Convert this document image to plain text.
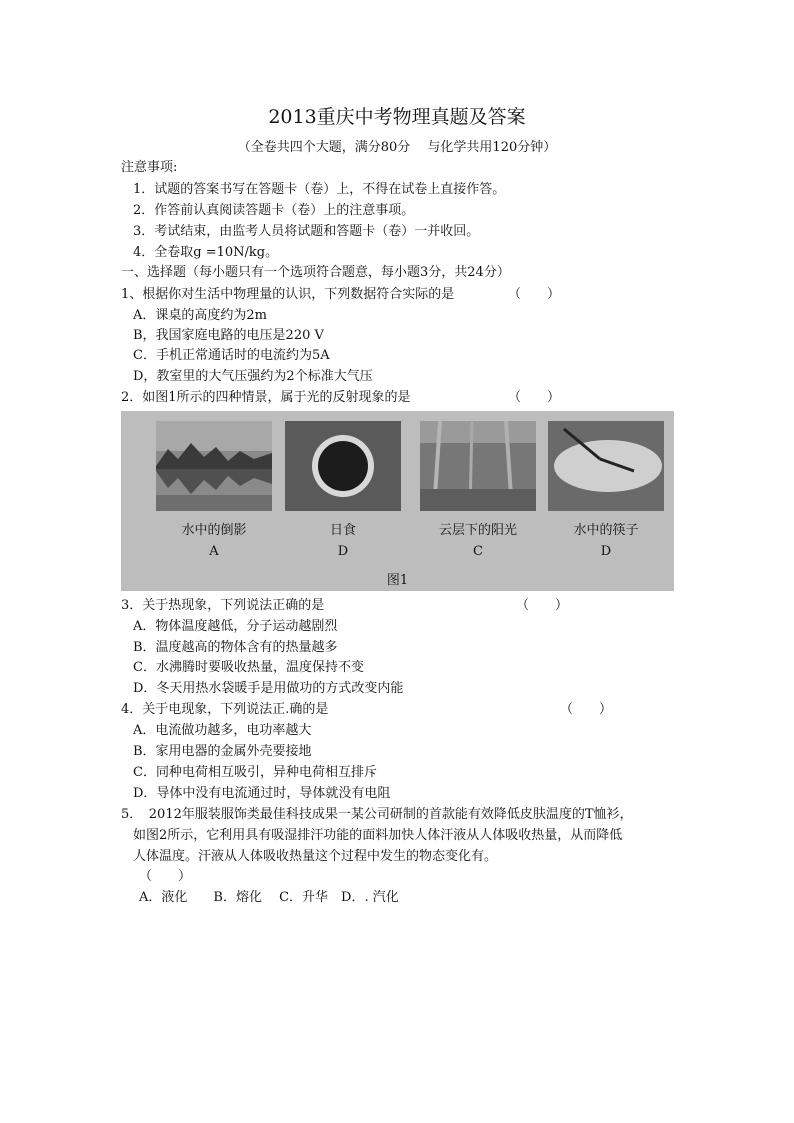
2013重庆中考物理真题及答案
（全卷共四个大题，满分80分　 与化学共用120分钟）
注意事项:
1．试题的答案书写在答题卡（卷）上，不得在试卷上直接作答。
2．作答前认真阅读答题卡（卷）上的注意事项。
3．考试结束，由监考人员将试题和答题卡（卷）一并收回。
4．全卷取g =10N/kg。
一、选择题（每小题只有一个选项符合题意，每小题3分，共24分）
1、根据你对生活中物理量的认识，下列数据符合实际的是	（　　）
A．课桌的高度约为2m
B，我国家庭电路的电压是220 V
C．手机正常通话时的电流约为5A
D，教室里的大气压强约为2个标准大气压
2．如图1所示的四种情景，属于光的反射现象的是	（　　）
水中的倒影	日食	云层下的阳光	水中的筷子
A	D	C	D
图1
3．关于热现象，下列说法正确的是	（　　）
A．物体温度越低，分子运动越剧烈
B．温度越高的物体含有的热量越多
C．水沸腾时要吸收热量，温度保持不变
D．冬天用热水袋暖手是用做功的方式改变内能
4．关于电现象，下列说法正.确的是	（　　）
A．电流做功越多，电功率越大
B．家用电器的金属外壳要接地
C．同种电荷相互吸引，异种电荷相互排斥
D．导体中没有电流通过时，导体就没有电阻
5．　2012年服装服饰类最佳科技成果一某公司研制的首款能有效降低皮肤温度的T恤衫，
如图2所示，它利用具有吸湿排汗功能的面料加快人体汗液从人体吸收热量，从而降低
人体温度。汗液从人体吸收热量这个过程中发生的物态变化有。
（　　）
A．液化　　B．熔化　 C．升华　D．. 汽化
